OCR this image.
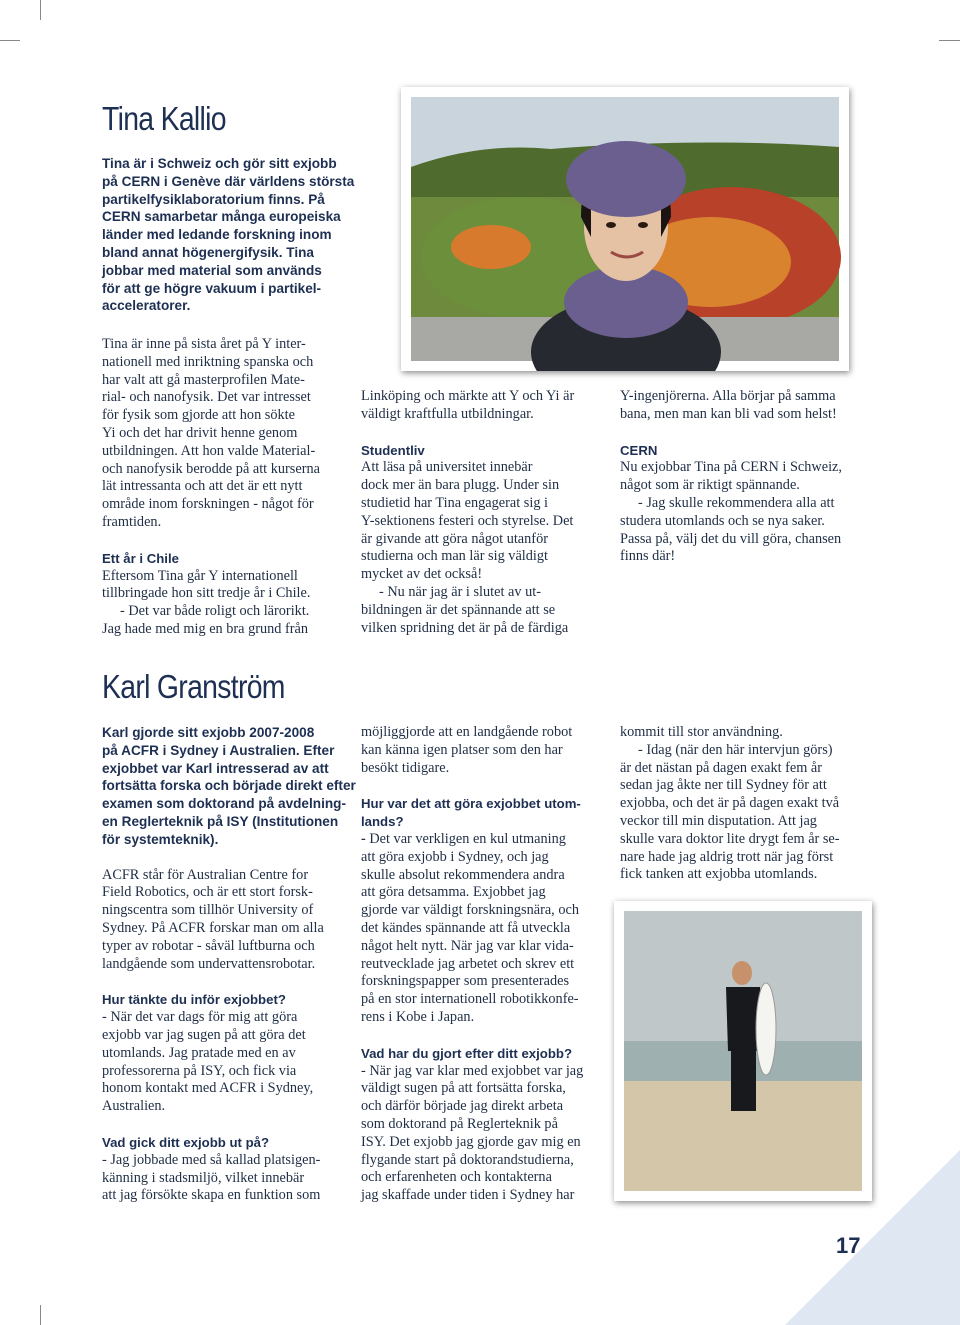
Tina Kallio
Tina är i Schweiz och gör sitt exjobb
på CERN i Genève där världens största
partikelfysiklaboratorium finns. På
CERN samarbetar många europeiska
länder med ledande forskning inom
bland annat högenergifysik. Tina
jobbar med material som används
för att ge högre vakuum i partikel-
acceleratorer.
Tina är inne på sista året på Y inter-
nationell med inriktning spanska och
har valt att gå masterprofilen Mate-
rial- och nanofysik. Det var intresset
för fysik som gjorde att hon sökte
Yi och det har drivit henne genom
utbildningen. Att hon valde Material-
och nanofysik berodde på att kurserna
lät intressanta och att det är ett nytt
område inom forskningen - något för
framtiden.
Ett år i Chile
Eftersom Tina går Y internationell
tillbringade hon sitt tredje år i Chile.
- Det var både roligt och lärorikt.
Jag hade med mig en bra grund från
Linköping och märkte att Y och Yi är
väldigt kraftfulla utbildningar.
Studentliv
Att läsa på universitet innebär
dock mer än bara plugg. Under sin
studietid har Tina engagerat sig i
Y-sektionens festeri och styrelse. Det
är givande att göra något utanför
studierna och man lär sig väldigt
mycket av det också!
- Nu när jag är i slutet av ut-
bildningen är det spännande att se
vilken spridning det är på de färdiga
Y-ingenjörerna. Alla börjar på samma
bana, men man kan bli vad som helst!
CERN
Nu exjobbar Tina på CERN i Schweiz,
något som är riktigt spännande.
- Jag skulle rekommendera alla att
studera utomlands och se nya saker.
Passa på, välj det du vill göra, chansen
finns där!
Karl Granström
Karl gjorde sitt exjobb 2007-2008
på ACFR i Sydney i Australien. Efter
exjobbet var Karl intresserad av att
fortsätta forska och började direkt efter
examen som doktorand på avdelning-
en Reglerteknik på ISY (Institutionen
för systemteknik).
ACFR står för Australian Centre for
Field Robotics, och är ett stort forsk-
ningscentra som tillhör University of
Sydney. På ACFR forskar man om alla
typer av robotar - såväl luftburna och
landgående som undervattensrobotar.
Hur tänkte du inför exjobbet?
- När det var dags för mig att göra
exjobb var jag sugen på att göra det
utomlands. Jag pratade med en av
professorerna på ISY, och fick via
honom kontakt med ACFR i Sydney,
Australien.
Vad gick ditt exjobb ut på?
- Jag jobbade med så kallad platsigen-
känning i stadsmiljö, vilket innebär
att jag försökte skapa en funktion som
möjliggjorde att en landgående robot
kan känna igen platser som den har
besökt tidigare.
Hur var det att göra exjobbet utom-
lands?
- Det var verkligen en kul utmaning
att göra exjobb i Sydney, och jag
skulle absolut rekommendera andra
att göra detsamma. Exjobbet jag
gjorde var väldigt forskningsnära, och
det kändes spännande att få utveckla
något helt nytt. När jag var klar vida-
reutvecklade jag arbetet och skrev ett
forskningspapper som presenterades
på en stor internationell robotikkonfe-
rens i Kobe i Japan.
Vad har du gjort efter ditt exjobb?
- När jag var klar med exjobbet var jag
väldigt sugen på att fortsätta forska,
och därför började jag direkt arbeta
som doktorand på Reglerteknik på
ISY. Det exjobb jag gjorde gav mig en
flygande start på doktorandstudierna,
och erfarenheten och kontakterna
jag skaffade under tiden i Sydney har
kommit till stor användning.
- Idag (när den här intervjun görs)
är det nästan på dagen exakt fem år
sedan jag åkte ner till Sydney för att
exjobba, och det är på dagen exakt två
veckor till min disputation. Att jag
skulle vara doktor lite drygt fem år se-
nare hade jag aldrig trott när jag först
fick tanken att exjobba utomlands.
17
